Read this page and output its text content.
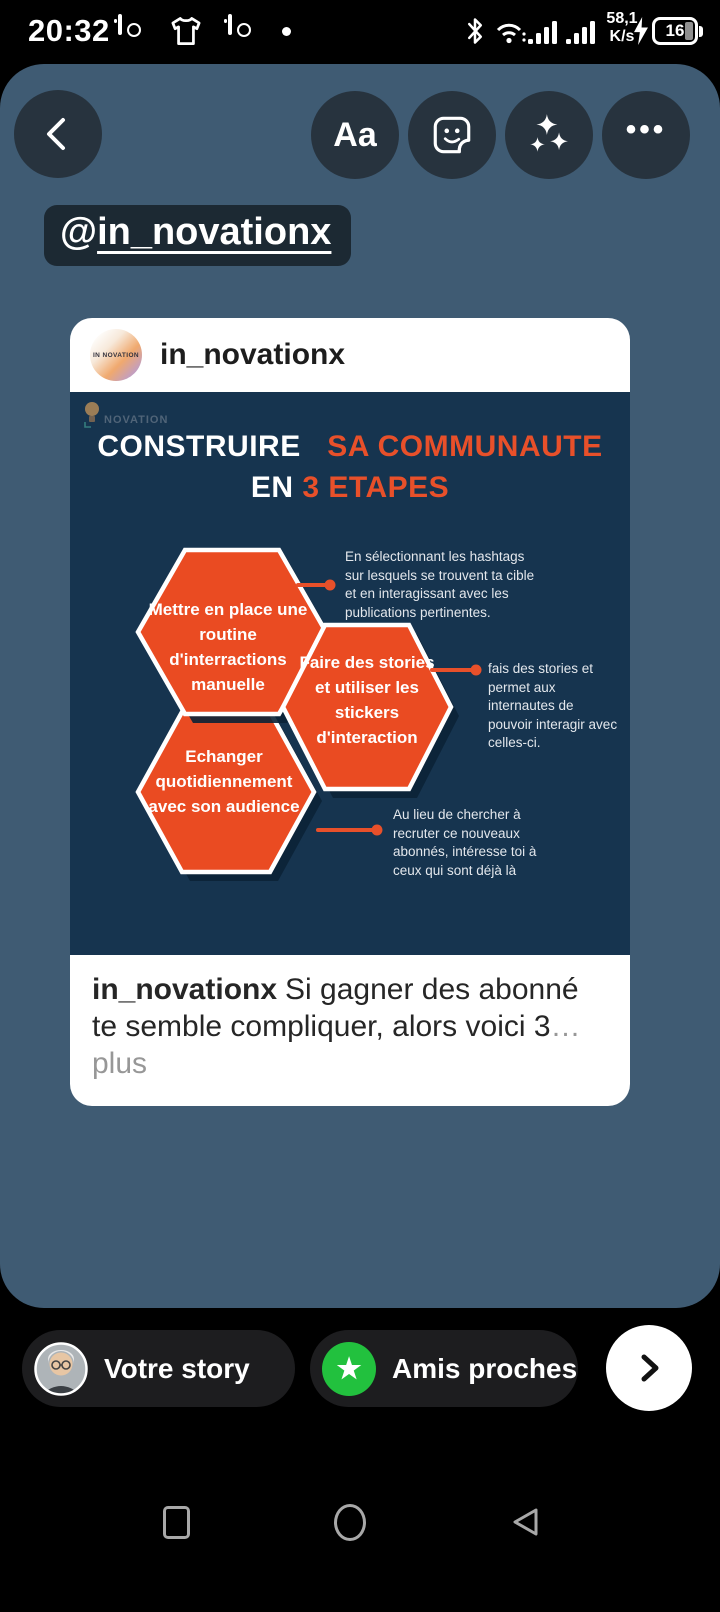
20:32	58,1
K/s	16
Aa	•••
@in_novationx
IN NOVATION in_novationx
NOVATION
CONSTRUIRE SA COMMUNAUTE
EN 3 ETAPES
Mettre en place une routine d'interractions manuelle
Faire des stories et utiliser les stickers d'interaction
Echanger quotidiennement avec son audience
En sélectionnant les hashtags sur lesquels se trouvent ta cible et en interagissant avec les publications pertinentes.
fais des stories et permet aux internautes de pouvoir interagir avec celles-ci.
Au lieu de chercher à recruter ce nouveaux abonnés, intéresse toi à ceux qui sont déjà là
in_novationx Si gagner des abonné te semble compliquer, alors voici 3… plus
Votre story	★ Amis proches
